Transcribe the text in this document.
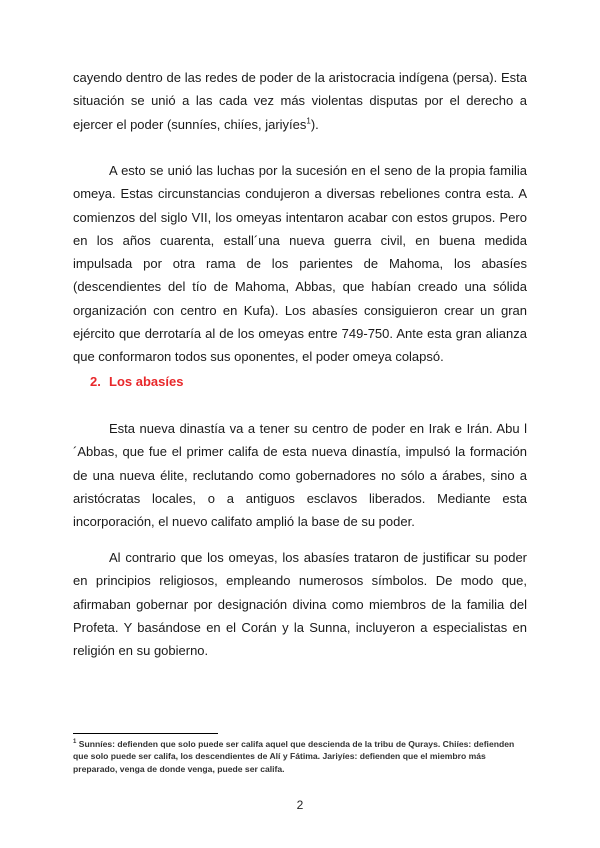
cayendo dentro de las redes de poder de la aristocracia indígena (persa). Esta situación se unió a las cada vez más violentas disputas por el derecho a ejercer el poder (sunníes, chiíes, jariyíes$^1$).

A esto se unió las luchas por la sucesión en el seno de la propia familia omeya. Estas circunstancias condujeron a diversas rebeliones contra esta. A comienzos del siglo VII, los omeyas intentaron acabar con estos grupos. Pero en los años cuarenta, estall´una nueva guerra civil, en buena medida impulsada por otra rama de los parientes de Mahoma, los abasíes (descendientes del tío de Mahoma, Abbas, que habían creado una sólida organización con centro en Kufa). Los abasíes consiguieron crear un gran ejército que derrotaría al de los omeyas entre 749-750. Ante esta gran alianza que conformaron todos sus oponentes, el poder omeya colapsó.

2. Los abasíes

Esta nueva dinastía va a tener su centro de poder en Irak e Irán. Abu l´Abbas, que fue el primer califa de esta nueva dinastía, impulsó la formación de una nueva élite, reclutando como gobernadores no sólo a árabes, sino a aristócratas locales, o a antiguos esclavos liberados. Mediante esta incorporación, el nuevo califato amplió la base de su poder.

Al contrario que los omeyas, los abasíes trataron de justificar su poder en principios religiosos, empleando numerosos símbolos. De modo que, afirmaban gobernar por designación divina como miembros de la familia del Profeta. Y basándose en el Corán y la Sunna, incluyeron a especialistas en religión en su gobierno.

$^1$ Sunníes: defienden que solo puede ser califa aquel que descienda de la tribu de Qurays. Chiíes: defienden que solo puede ser califa, los descendientes de Alí y Fátima. Jariyíes: defienden que el miembro más preparado, venga de donde venga, puede ser califa.

2
